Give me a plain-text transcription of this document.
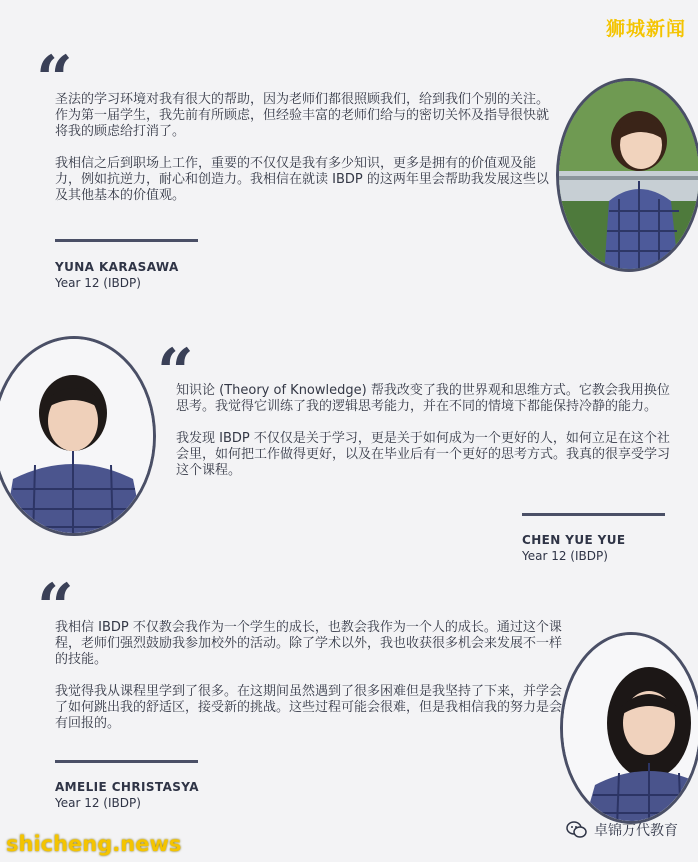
狮城新闻
“

圣法的学习环境对我有很大的帮助，因为老师们都很照顾我们，给到我们个别的关注。作为第一届学生，我先前有所顾虑，但经验丰富的老师们给与的密切关怀及指导很快就将我的顾虑给打消了。

我相信之后到职场上工作，重要的不仅仅是我有多少知识，更多是拥有的价值观及能力，例如抗逆力，耐心和创造力。我相信在就读 IBDP 的这两年里会帮助我发展这些以及其他基本的价值观。

YUNA KARASAWA
Year 12 (IBDP)
“

知识论 (Theory of Knowledge) 帮我改变了我的世界观和思维方式。它教会我用换位思考。我觉得它训练了我的逻辑思考能力，并在不同的情境下都能保持冷静的能力。

我发现 IBDP 不仅仅是关于学习，更是关于如何成为一个更好的人，如何立足在这个社会里，如何把工作做得更好，以及在毕业后有一个更好的思考方式。我真的很享受学习这个课程。

CHEN YUE YUE
Year 12 (IBDP)
“

我相信 IBDP 不仅教会我作为一个学生的成长，也教会我作为一个人的成长。通过这个课程，老师们强烈鼓励我参加校外的活动。除了学术以外，我也收获很多机会来发展不一样的技能。

我觉得我从课程里学到了很多。在这期间虽然遇到了很多困难但是我坚持了下来，并学会了如何跳出我的舒适区，接受新的挑战。这些过程可能会很难，但是我相信我的努力是会有回报的。

AMELIE CHRISTASYA
Year 12 (IBDP)
shicheng.news
卓锦万代教育
